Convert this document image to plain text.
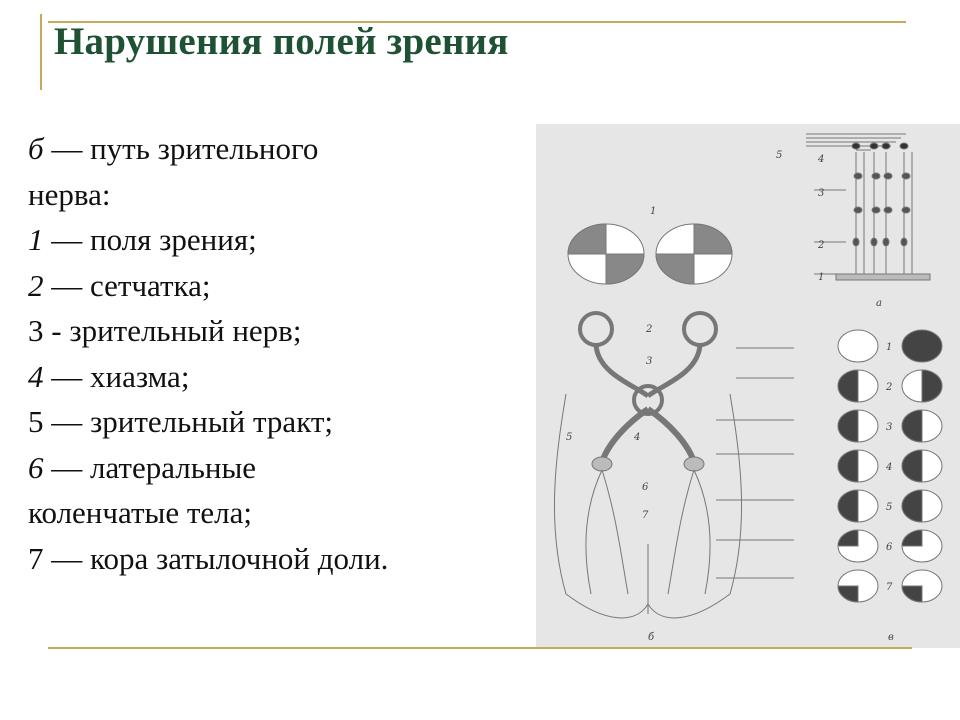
Нарушения полей зрения
б — путь зрительного
нерва:
1 — поля зрения;
2 — сетчатка;
3 - зрительный нерв;
4 — хиазма;
5 — зрительный тракт;
6 — латеральные
коленчатые тела;
7 — кора затылочной доли.
5	4
3
2
1
а
1
2
3
4
5
6
7
б
1
2
3
4
5
6
7
в
